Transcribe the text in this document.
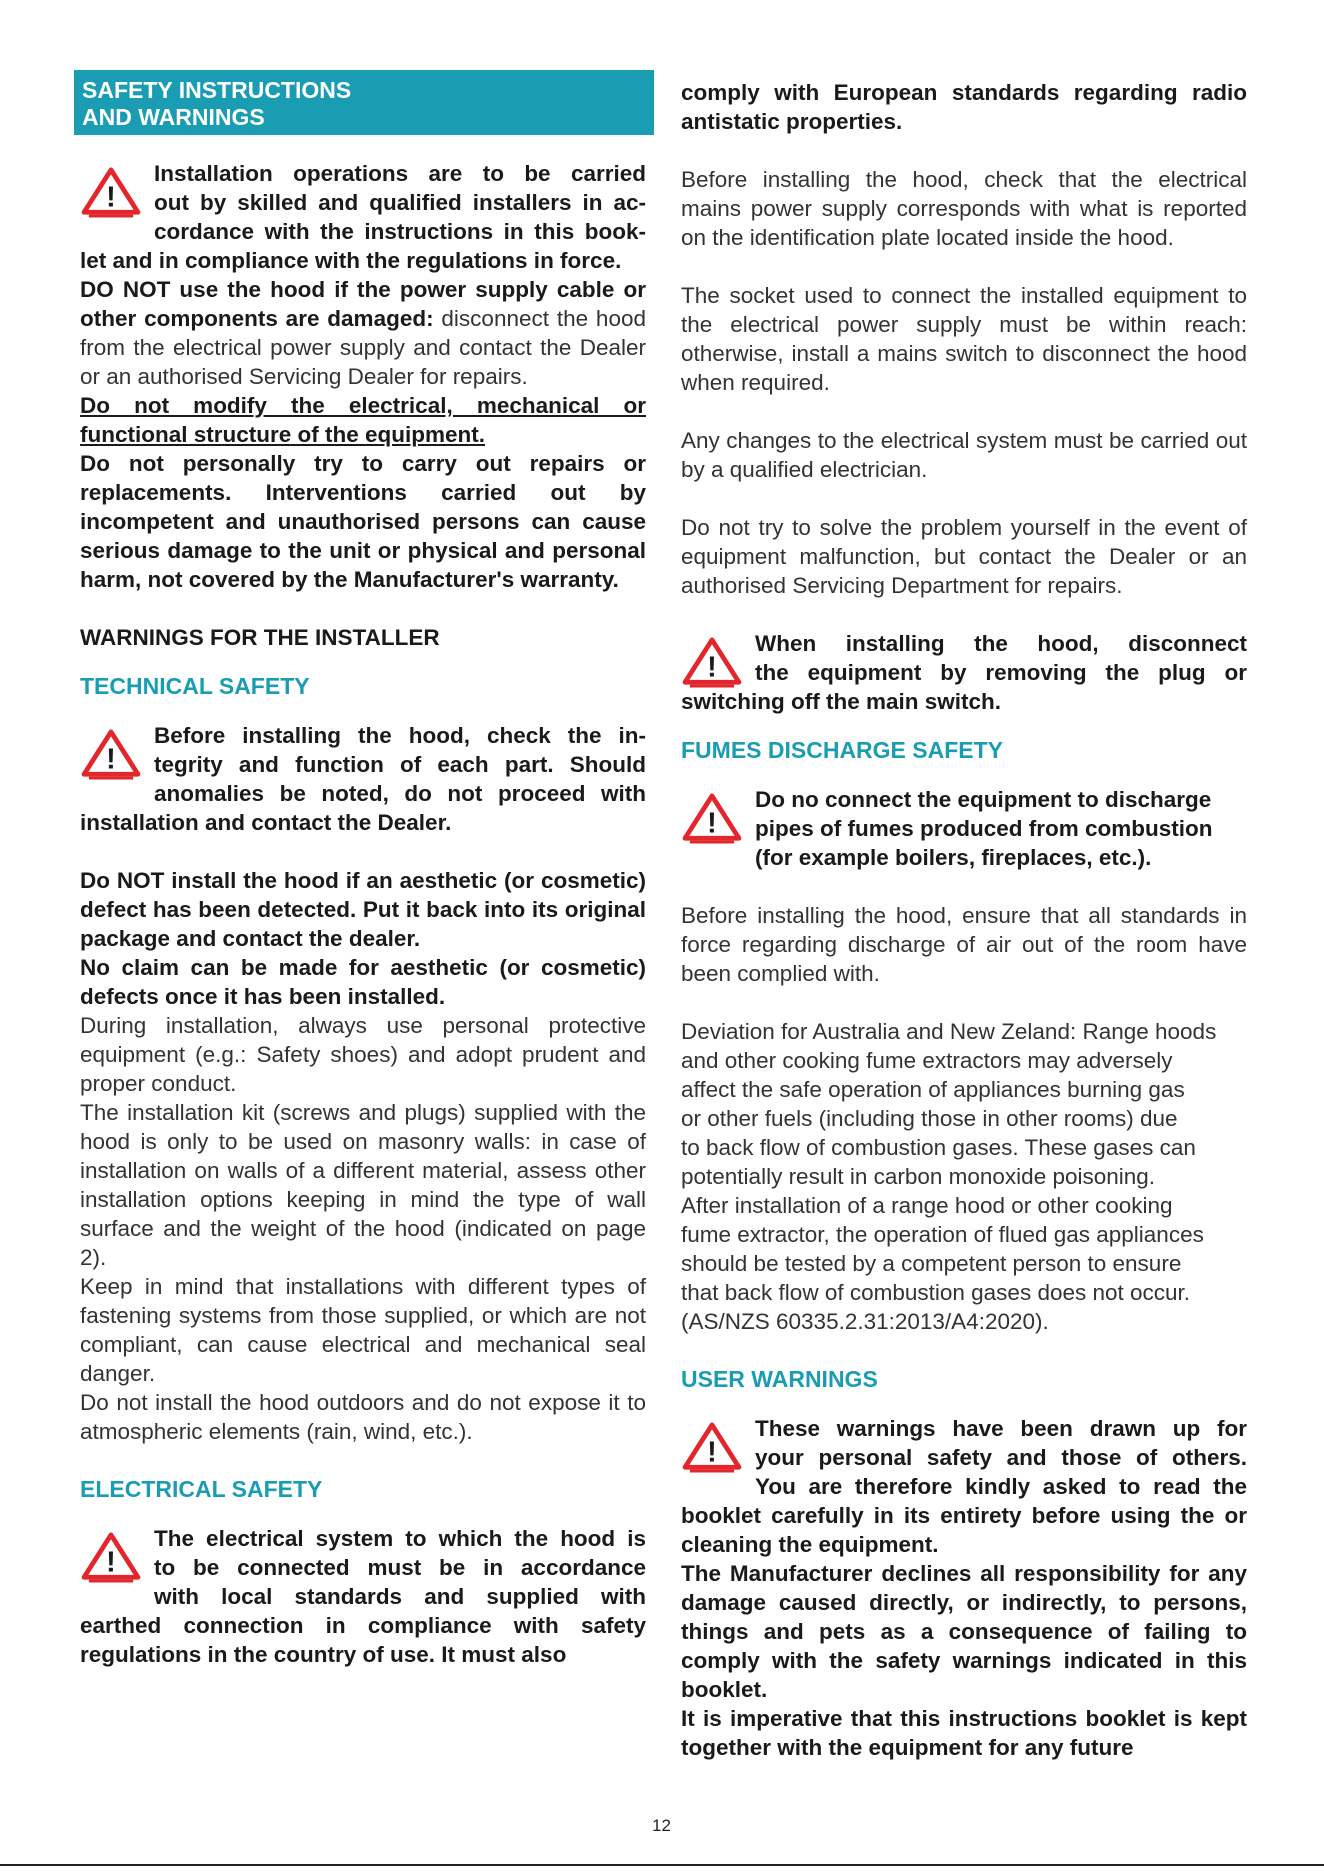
SAFETY INSTRUCTIONS
AND WARNINGS
Installation operations are to be carried
out by skilled and qualified installers in ac-
cordance with the instructions in this book-

let and in compliance with the regulations in force.

DO NOT use the hood if the power supply cable or other components are damaged: disconnect the hood from the electrical power supply and contact the Dealer or an authorised Servicing Dealer for repairs.

Do not modify the electrical, mechanical or functional structure of the equipment.

Do not personally try to carry out repairs or replacements. Interventions carried out by incompetent and unauthorised persons can cause serious damage to the unit or physical and personal harm, not covered by the Manufacturer's warranty.

WARNINGS FOR THE INSTALLER

TECHNICAL SAFETY

Before installing the hood, check the in-
tegrity and function of each part. Should
anomalies be noted, do not proceed with

installation and contact the Dealer.

Do NOT install the hood if an aesthetic (or cosmetic) defect has been detected. Put it back into its original package and contact the dealer.

No claim can be made for aesthetic (or cosmetic) defects once it has been installed.

During installation, always use personal protective equipment (e.g.: Safety shoes) and adopt prudent and proper conduct.

The installation kit (screws and plugs) supplied with the hood is only to be used on masonry walls: in case of installation on walls of a different material, assess other installation options keeping in mind the type of wall surface and the weight of the hood (indicated on page 2).

Keep in mind that installations with different types of fastening systems from those supplied, or which are not compliant, can cause electrical and mechanical seal danger.

Do not install the hood outdoors and do not expose it to atmospheric elements (rain, wind, etc.).

ELECTRICAL SAFETY

The electrical system to which the hood is
to be connected must be in accordance
with local standards and supplied with

earthed connection in compliance with safety regulations in the country of use. It must also

comply with European standards regarding radio antistatic properties.

Before installing the hood, check that the electrical mains power supply corresponds with what is reported on the identification plate located inside the hood.

The socket used to connect the installed equipment to the electrical power supply must be within reach: otherwise, install a mains switch to disconnect the hood when required.

Any changes to the electrical system must be carried out by a qualified electrician.

Do not try to solve the problem yourself in the event of equipment malfunction, but contact the Dealer or an authorised Servicing Department for repairs.

When installing the hood, disconnect
the equipment by removing the plug or

switching off the main switch.

FUMES DISCHARGE SAFETY

Do no connect the equipment to discharge
pipes of fumes produced from combustion
(for example boilers, fireplaces, etc.).

Before installing the hood, ensure that all standards in force regarding discharge of air out of the room have been complied with.

Deviation for Australia and New Zeland: Range hoods
and other cooking fume extractors may adversely
affect the safe operation of appliances burning gas
or other fuels (including those in other rooms) due
to back flow of combustion gases. These gases can
potentially result in carbon monoxide poisoning.
After installation of a range hood or other cooking
fume extractor, the operation of flued gas appliances
should be tested by a competent person to ensure
that back flow of combustion gases does not occur.
(AS/NZS 60335.2.31:2013/A4:2020).

USER WARNINGS

These warnings have been drawn up for
your personal safety and those of others.
You are therefore kindly asked to read the

booklet carefully in its entirety before using the or cleaning the equipment.

The Manufacturer declines all responsibility for any damage caused directly, or indirectly, to persons, things and pets as a consequence of failing to comply with the safety warnings indicated in this booklet.

It is imperative that this instructions booklet is kept together with the equipment for any future

12
